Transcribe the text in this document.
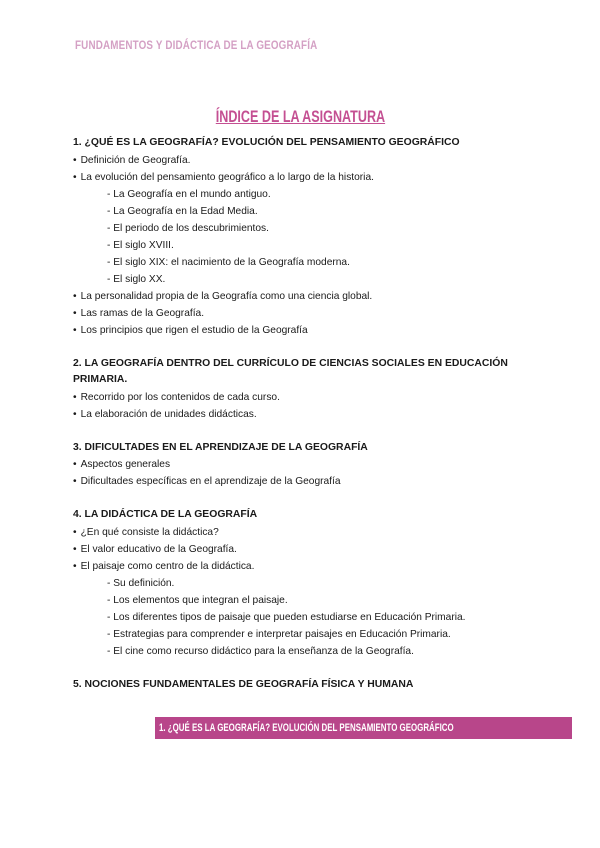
FUNDAMENTOS Y DIDÁCTICA DE LA GEOGRAFÍA
ÍNDICE DE LA ASIGNATURA
1. ¿QUÉ ES LA GEOGRAFÍA? EVOLUCIÓN DEL PENSAMIENTO GEOGRÁFICO
• Definición de Geografía.
• La evolución del pensamiento geográfico a lo largo de la historia.
- La Geografía en el mundo antiguo.
- La Geografía en la Edad Media.
- El periodo de los descubrimientos.
- El siglo XVIII.
- El siglo XIX: el nacimiento de la Geografía moderna.
- El siglo XX.
• La personalidad propia de la Geografía como una ciencia global.
• Las ramas de la Geografía.
• Los principios que rigen el estudio de la Geografía
2. LA GEOGRAFÍA DENTRO DEL CURRÍCULO DE CIENCIAS SOCIALES EN EDUCACIÓN
PRIMARIA.
• Recorrido por los contenidos de cada curso.
• La elaboración de unidades didácticas.
3. DIFICULTADES EN EL APRENDIZAJE DE LA GEOGRAFÍA
• Aspectos generales
• Dificultades específicas en el aprendizaje de la Geografía
4. LA DIDÁCTICA DE LA GEOGRAFÍA
• ¿En qué consiste la didáctica?
• El valor educativo de la Geografía.
• El paisaje como centro de la didáctica.
- Su definición.
- Los elementos que integran el paisaje.
- Los diferentes tipos de paisaje que pueden estudiarse en Educación Primaria.
- Estrategias para comprender e interpretar paisajes en Educación Primaria.
- El cine como recurso didáctico para la enseñanza de la Geografía.
5. NOCIONES FUNDAMENTALES DE GEOGRAFÍA FÍSICA Y HUMANA
1. ¿QUÉ ES LA GEOGRAFÍA? EVOLUCIÓN DEL PENSAMIENTO GEOGRÁFICO
